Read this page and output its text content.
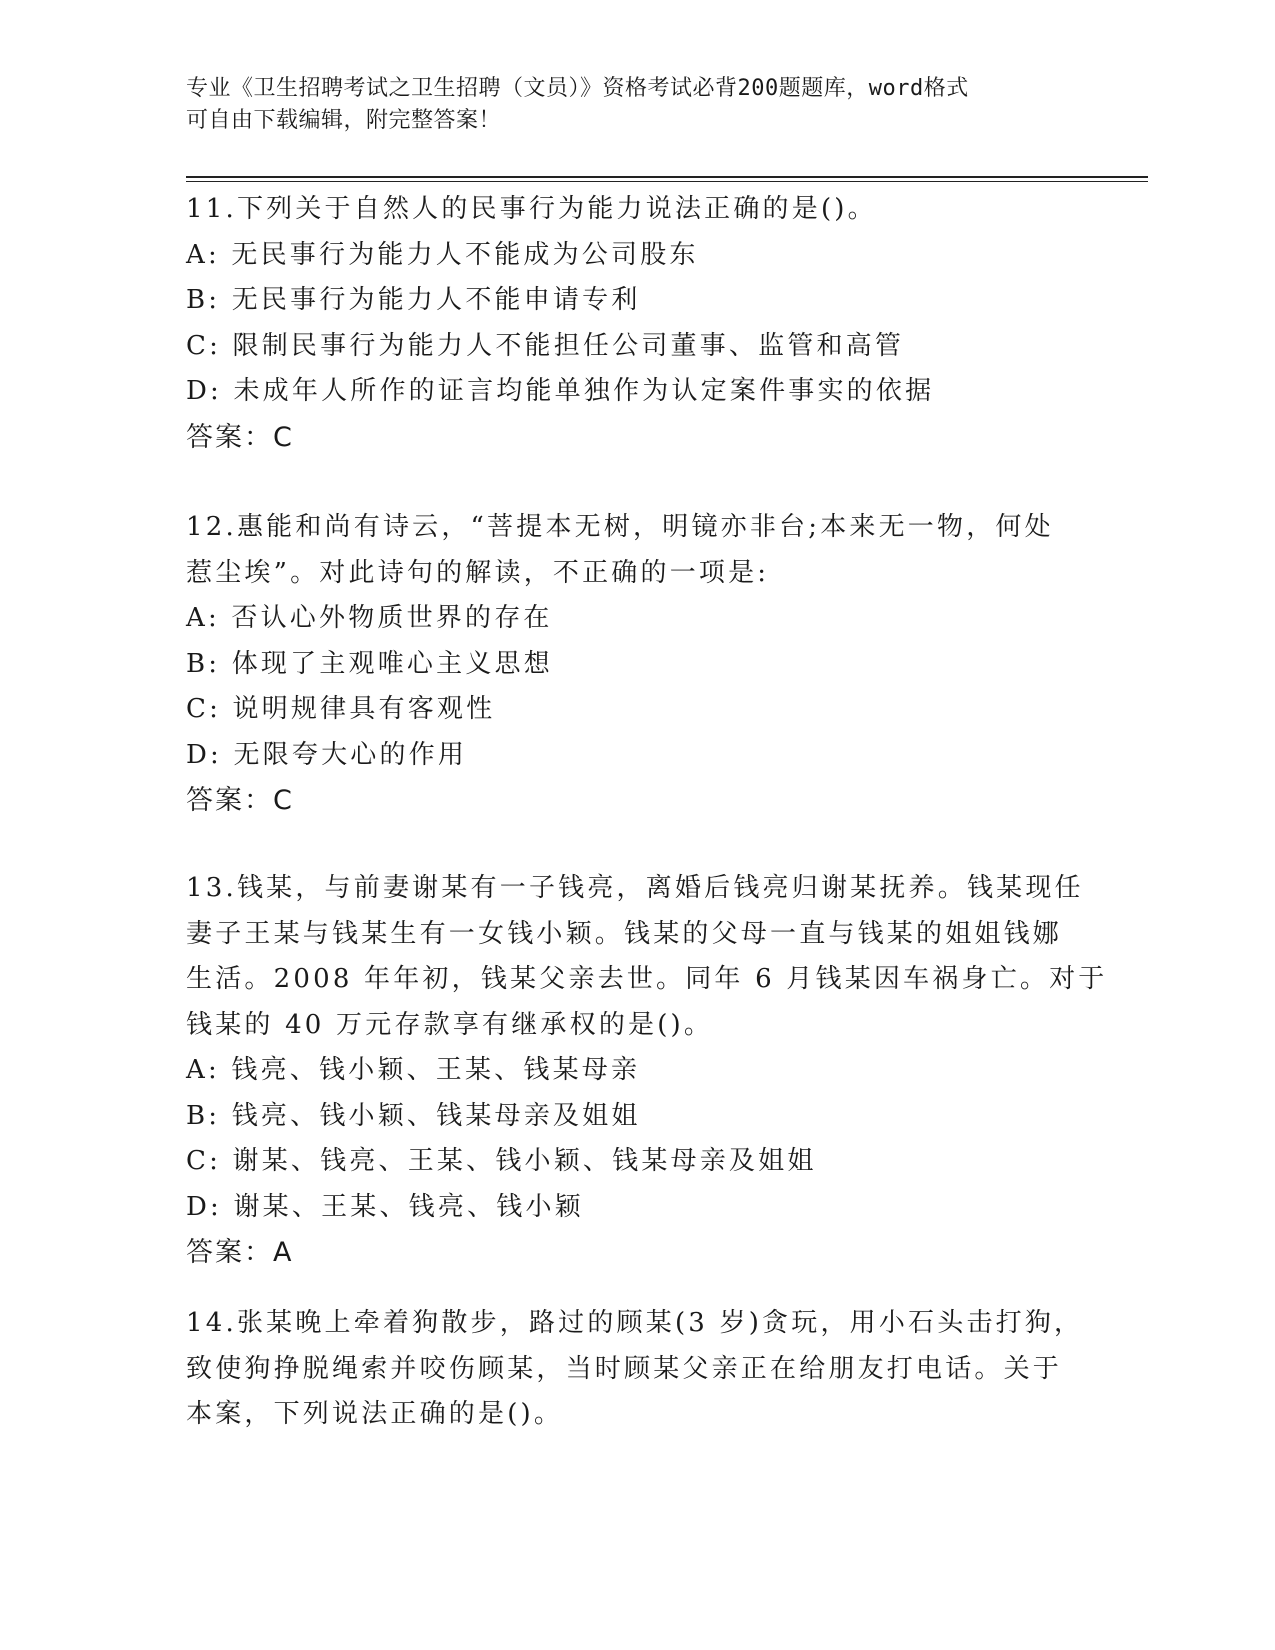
专业《卫生招聘考试之卫生招聘（文员）》资格考试必背200题题库，word格式
可自由下载编辑，附完整答案！
11.下列关于自然人的民事行为能力说法正确的是()。
A: 无民事行为能力人不能成为公司股东
B: 无民事行为能力人不能申请专利
C: 限制民事行为能力人不能担任公司董事、监管和高管
D: 未成年人所作的证言均能单独作为认定案件事实的依据
答案：C
12.惠能和尚有诗云，“菩提本无树，明镜亦非台;本来无一物，何处
惹尘埃”。对此诗句的解读，不正确的一项是:
A: 否认心外物质世界的存在
B: 体现了主观唯心主义思想
C: 说明规律具有客观性
D: 无限夸大心的作用
答案：C
13.钱某，与前妻谢某有一子钱亮，离婚后钱亮归谢某抚养。钱某现任
妻子王某与钱某生有一女钱小颖。钱某的父母一直与钱某的姐姐钱娜
生活。2008 年年初，钱某父亲去世。同年 6 月钱某因车祸身亡。对于
钱某的 40 万元存款享有继承权的是()。
A: 钱亮、钱小颖、王某、钱某母亲
B: 钱亮、钱小颖、钱某母亲及姐姐
C: 谢某、钱亮、王某、钱小颖、钱某母亲及姐姐
D: 谢某、王某、钱亮、钱小颖
答案：A
14.张某晚上牵着狗散步，路过的顾某(3 岁)贪玩，用小石头击打狗，
致使狗挣脱绳索并咬伤顾某，当时顾某父亲正在给朋友打电话。关于
本案，下列说法正确的是()。
